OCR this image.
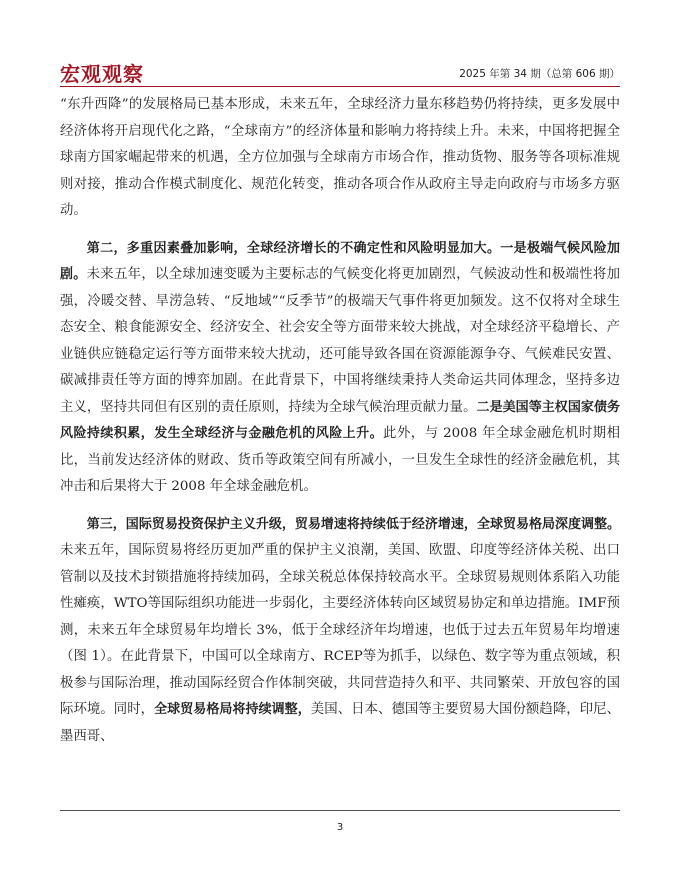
宏观观察	2025 年第 34 期（总第 606 期）

“东升西降”的发展格局已基本形成，未来五年，全球经济力量东移趋势仍将持续，更多发展中经济体将开启现代化之路，“全球南方”的经济体量和影响力将持续上升。未来，中国将把握全球南方国家崛起带来的机遇，全方位加强与全球南方市场合作，推动货物、服务等各项标准规则对接，推动合作模式制度化、规范化转变，推动各项合作从政府主导走向政府与市场多方驱动。

第二，多重因素叠加影响，全球经济增长的不确定性和风险明显加大。一是极端气候风险加剧。未来五年，以全球加速变暖为主要标志的气候变化将更加剧烈，气候波动性和极端性将加强，冷暖交替、旱涝急转、“反地域”“反季节”的极端天气事件将更加频发。这不仅将对全球生态安全、粮食能源安全、经济安全、社会安全等方面带来较大挑战，对全球经济平稳增长、产业链供应链稳定运行等方面带来较大扰动，还可能导致各国在资源能源争夺、气候难民安置、碳减排责任等方面的博弈加剧。在此背景下，中国将继续秉持人类命运共同体理念，坚持多边主义，坚持共同但有区别的责任原则，持续为全球气候治理贡献力量。二是美国等主权国家债务风险持续积累，发生全球经济与金融危机的风险上升。此外，与 2008 年全球金融危机时期相比，当前发达经济体的财政、货币等政策空间有所减小，一旦发生全球性的经济金融危机，其冲击和后果将大于 2008 年全球金融危机。

第三，国际贸易投资保护主义升级，贸易增速将持续低于经济增速，全球贸易格局深度调整。未来五年，国际贸易将经历更加严重的保护主义浪潮，美国、欧盟、印度等经济体关税、出口管制以及技术封锁措施将持续加码，全球关税总体保持较高水平。全球贸易规则体系陷入功能性瘫痪，WTO等国际组织功能进一步弱化，主要经济体转向区域贸易协定和单边措施。IMF预测，未来五年全球贸易年均增长 3%，低于全球经济年均增速，也低于过去五年贸易年均增速（图 1）。在此背景下，中国可以全球南方、RCEP等为抓手，以绿色、数字等为重点领域，积极参与国际治理，推动国际经贸合作体制突破，共同营造持久和平、共同繁荣、开放包容的国际环境。同时，全球贸易格局将持续调整，美国、日本、德国等主要贸易大国份额趋降，印尼、墨西哥、

3
